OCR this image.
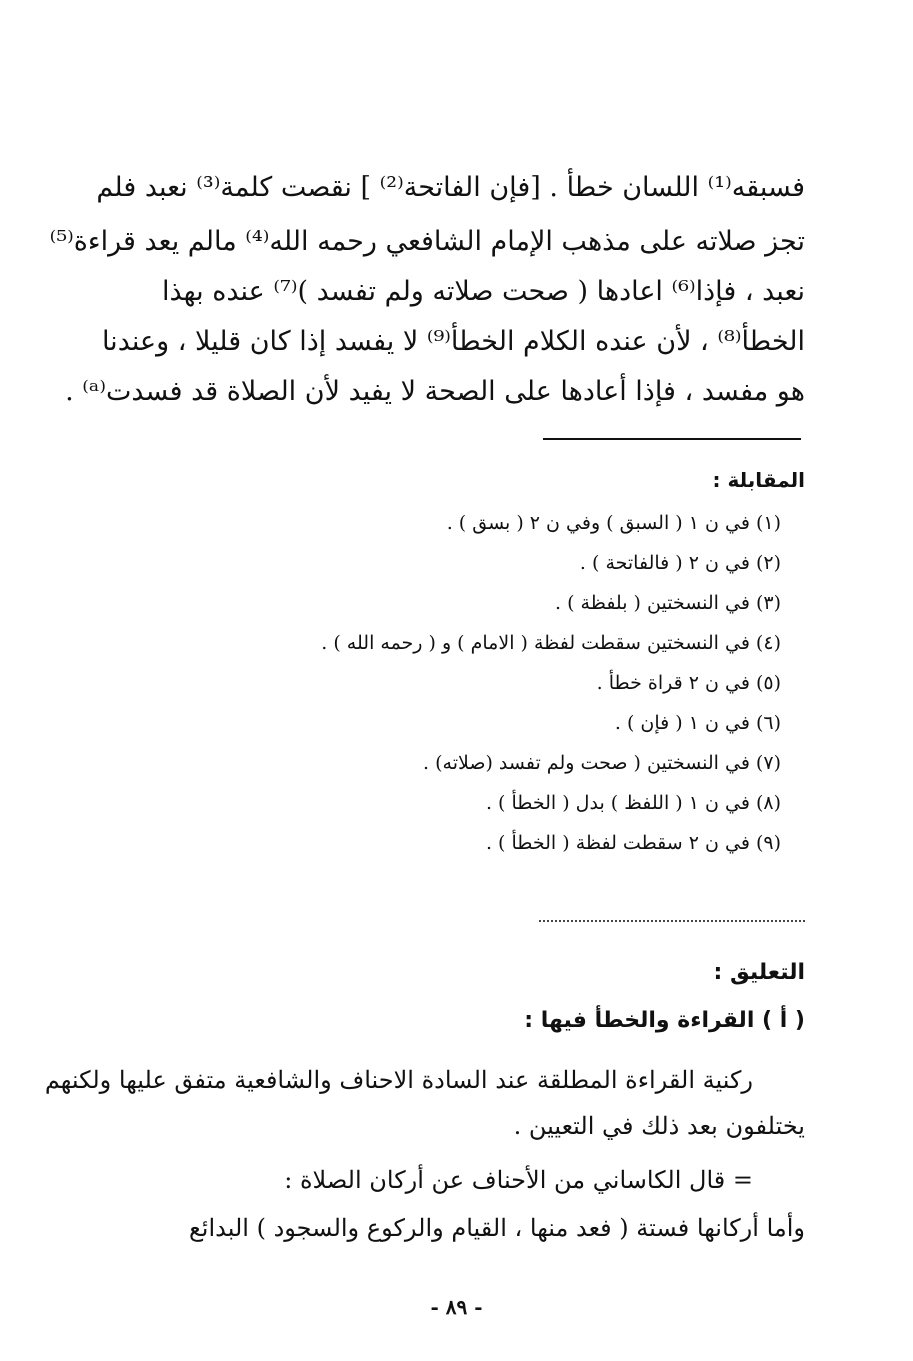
فسبقه⁽¹⁾ اللسان خطأ . [فإن الفاتحة⁽²⁾ ] نقصت كلمة⁽³⁾ نعبد فلم
تجز صلاته على مذهب الإمام الشافعي رحمه الله⁽⁴⁾ مالم يعد قراءة⁽⁵⁾
نعبد ، فإذا⁽⁶⁾ اعادها ( صحت صلاته ولم تفسد )⁽⁷⁾ عنده بهذا
الخطأ⁽⁸⁾ ، لأن عنده الكلام الخطأ⁽⁹⁾ لا يفسد إذا كان قليلا ، وعندنا
هو مفسد ، فإذا أعادها على الصحة لا يفيد لأن الصلاة قد فسدت⁽ᵃ⁾ .
المقابلة :
(١) في ن ١ ( السبق ) وفي ن ٢ ( بسق ) .
(٢) في ن ٢ ( فالفاتحة ) .
(٣) في النسختين ( بلفظة ) .
(٤) في النسختين سقطت لفظة ( الامام ) و ( رحمه الله ) .
(٥) في ن ٢ قراة خطأ .
(٦) في ن ١ ( فإن ) .
(٧) في النسختين ( صحت ولم تفسد (صلاته) .
(٨) في ن ١ ( اللفظ ) بدل ( الخطأ ) .
(٩) في ن ٢ سقطت لفظة ( الخطأ ) .
التعليق :
( أ ) القراءة والخطأ فيها :
ركنية القراءة المطلقة عند السادة الاحناف والشافعية متفق عليها ولكنهم
يختلفون بعد ذلك في التعيين .
= قال الكاساني من الأحناف عن أركان الصلاة :
وأما أركانها فستة ( فعد منها ، القيام والركوع والسجود ) البدائع
- ٨٩ -
